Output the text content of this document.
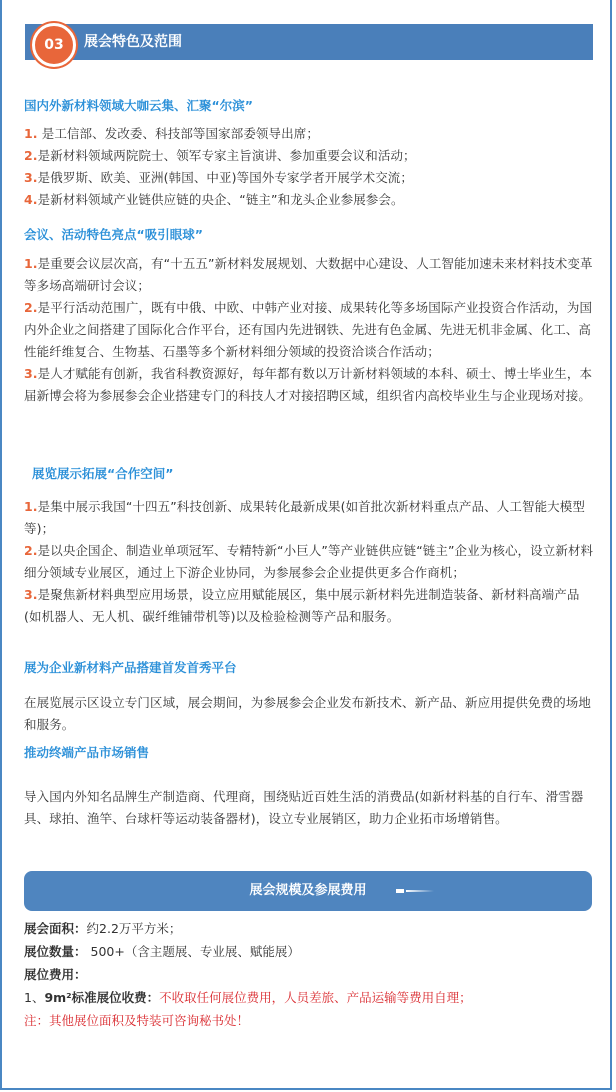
03	展会特色及范围
国内外新材料领域大咖云集、汇聚“尔滨”
1. 是工信部、发改委、科技部等国家部委领导出席；
2.是新材料领域两院院士、领军专家主旨演讲、参加重要会议和活动；
3.是俄罗斯、欧美、亚洲(韩国、中亚)等国外专家学者开展学术交流；
4.是新材料领域产业链供应链的央企、“链主”和龙头企业参展参会。
会议、活动特色亮点“吸引眼球”
1.是重要会议层次高，有“十五五”新材料发展规划、大数据中心建设、人工智能加速未来材料技术变革等多场高端研讨会议；
2.是平行活动范围广，既有中俄、中欧、中韩产业对接、成果转化等多场国际产业投资合作活动，为国内外企业之间搭建了国际化合作平台，还有国内先进钢铁、先进有色金属、先进无机非金属、化工、高性能纤维复合、生物基、石墨等多个新材料细分领域的投资洽谈合作活动；
3.是人才赋能有创新，我省科教资源好，每年都有数以万计新材料领域的本科、硕士、博士毕业生，本届新博会将为参展参会企业搭建专门的科技人才对接招聘区域，组织省内高校毕业生与企业现场对接。
展览展示拓展“合作空间”
1.是集中展示我国“十四五”科技创新、成果转化最新成果(如首批次新材料重点产品、人工智能大模型等)；
2.是以央企国企、制造业单项冠军、专精特新“小巨人”等产业链供应链“链主”企业为核心，设立新材料细分领域专业展区，通过上下游企业协同，为参展参会企业提供更多合作商机；
3.是聚焦新材料典型应用场景，设立应用赋能展区，集中展示新材料先进制造装备、新材料高端产品(如机器人、无人机、碳纤维铺带机等)以及检验检测等产品和服务。
展为企业新材料产品搭建首发首秀平台
在展览展示区设立专门区域，展会期间，为参展参会企业发布新技术、新产品、新应用提供免费的场地和服务。
推动终端产品市场销售
导入国内外知名品牌生产制造商、代理商，围绕贴近百姓生活的消费品(如新材料基的自行车、滑雪器具、球拍、渔竿、台球杆等运动装备器材)，设立专业展销区，助力企业拓市场增销售。
展会规模及参展费用
展会面积：约2.2万平方米；
展位数量： 500+（含主题展、专业展、赋能展）
展位费用：
1、9m²标准展位收费：不收取任何展位费用，人员差旅、产品运输等费用自理；
注：其他展位面积及特装可咨询秘书处！
